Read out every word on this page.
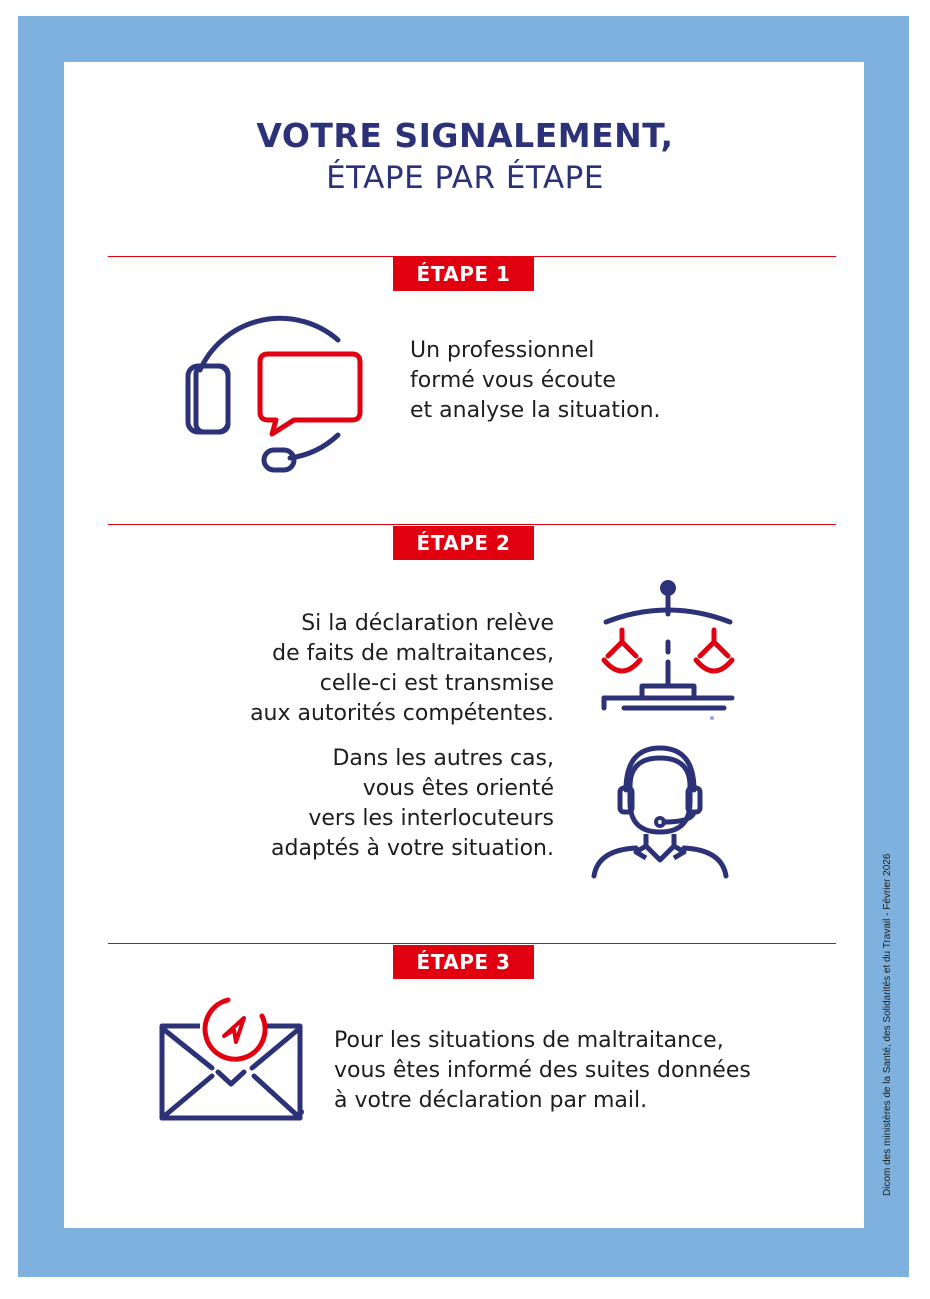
VOTRE SIGNALEMENT,
ÉTAPE PAR ÉTAPE
ÉTAPE 1
Un professionnel
formé vous écoute
et analyse la situation.
ÉTAPE 2
Si la déclaration relève
de faits de maltraitances,
celle-ci est transmise
aux autorités compétentes.
Dans les autres cas,
vous êtes orienté
vers les interlocuteurs
adaptés à votre situation.
ÉTAPE 3
Pour les situations de maltraitance,
vous êtes informé des suites données
à votre déclaration par mail.	Dicom des ministères de la Santé, des Solidarités et du Travail - Février 2026
